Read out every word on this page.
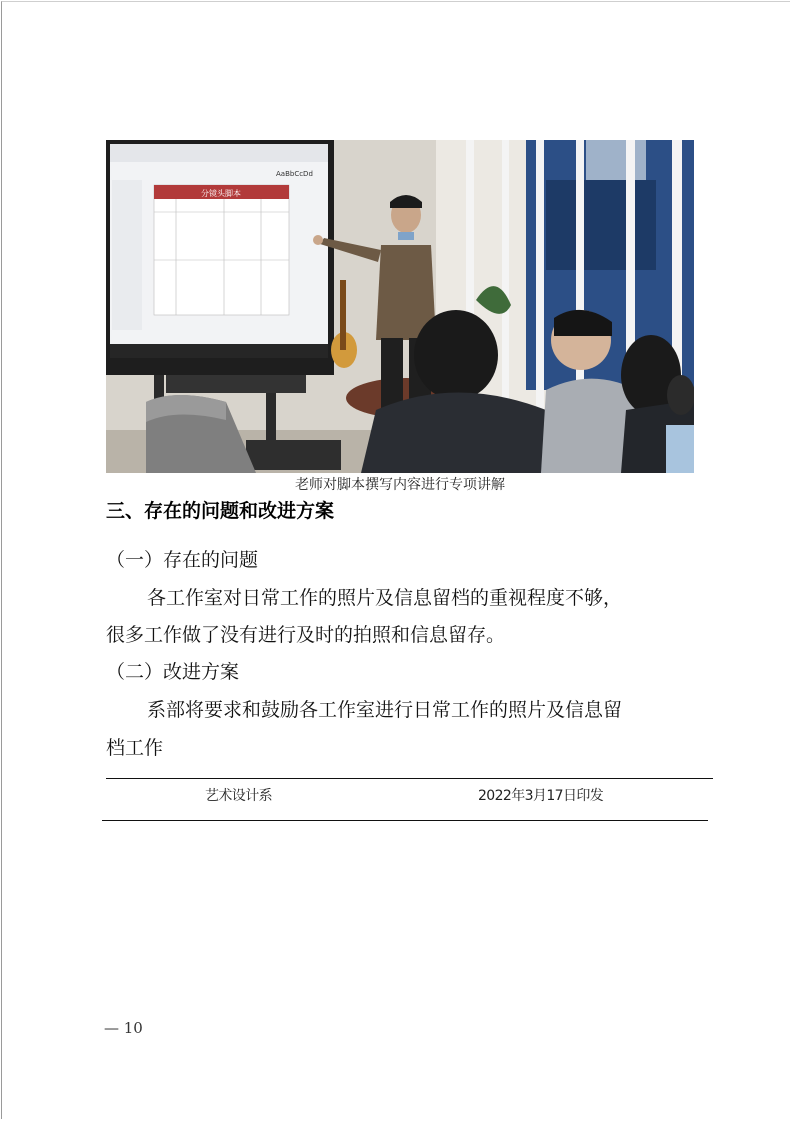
分镜头脚本
AaBbCcDd
老师对脚本撰写内容进行专项讲解
三、存在的问题和改进方案
（一）存在的问题
各工作室对日常工作的照片及信息留档的重视程度不够，
很多工作做了没有进行及时的拍照和信息留存。
（二）改进方案
系部将要求和鼓励各工作室进行日常工作的照片及信息留
档工作
艺术设计系	2022年3月17日印发
— 10
